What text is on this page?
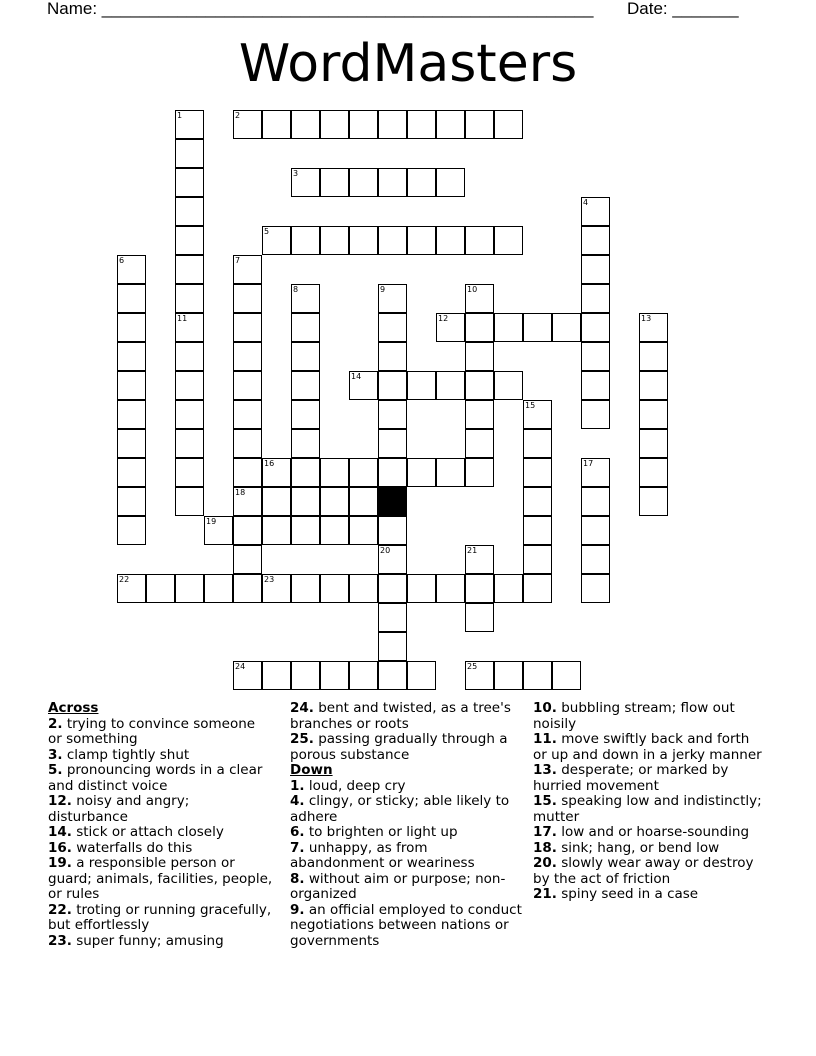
Name: ____________________________________________________ Date: _______
WordMasters
1	2
3
4
5
6	7
8	9	10
11	12	13
14
15
16	17
18
19
20	21
22	23
24	25
Across
2. trying to convince someone or something
3. clamp tightly shut
5. pronouncing words in a clear and distinct voice
12. noisy and angry; disturbance
14. stick or attach closely
16. waterfalls do this
19. a responsible person or guard; animals, facilities, people, or rules
22. troting or running gracefully, but effortlessly
23. super funny; amusing
24. bent and twisted, as a tree's branches or roots
25. passing gradually through a porous substance
Down
1. loud, deep cry
4. clingy, or sticky; able likely to adhere
6. to brighten or light up
7. unhappy, as from abandonment or weariness
8. without aim or purpose; non-organized
9. an official employed to conduct negotiations between nations or governments
10. bubbling stream; flow out noisily
11. move swiftly back and forth or up and down in a jerky manner
13. desperate; or marked by hurried movement
15. speaking low and indistinctly; mutter
17. low and or hoarse-sounding
18. sink; hang, or bend low
20. slowly wear away or destroy by the act of friction
21. spiny seed in a case
